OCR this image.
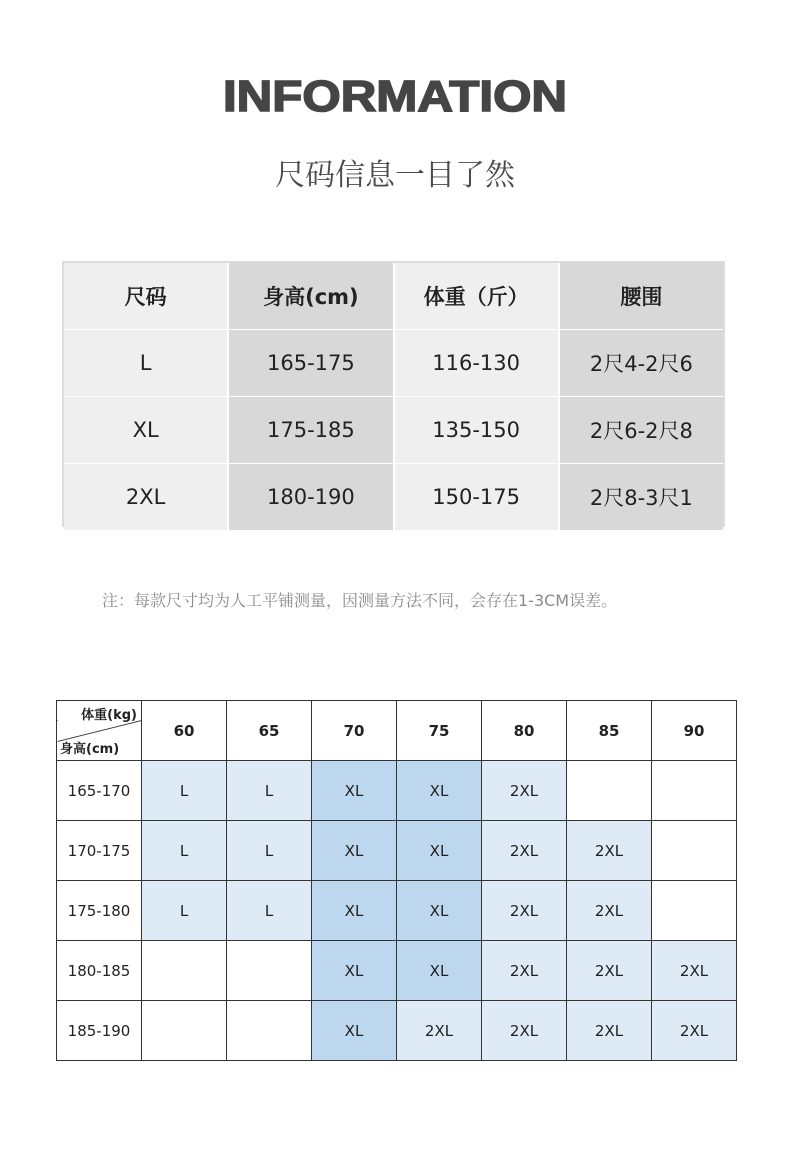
INFORMATION
尺码信息一目了然
尺码	身高(cm)	体重（斤）	腰围
L	165-175	116-130	2尺4-2尺6
XL	175-185	135-150	2尺6-2尺8
2XL	180-190	150-175	2尺8-3尺1
注：每款尺寸均为人工平铺测量，因测量方法不同，会存在1-3CM误差。
体重(kg)
身高(cm)	60	65	70	75	80	85	90
165-170	L	L	XL	XL	2XL		
170-175	L	L	XL	XL	2XL	2XL	
175-180	L	L	XL	XL	2XL	2XL	
180-185			XL	XL	2XL	2XL	2XL
185-190			XL	2XL	2XL	2XL	2XL
